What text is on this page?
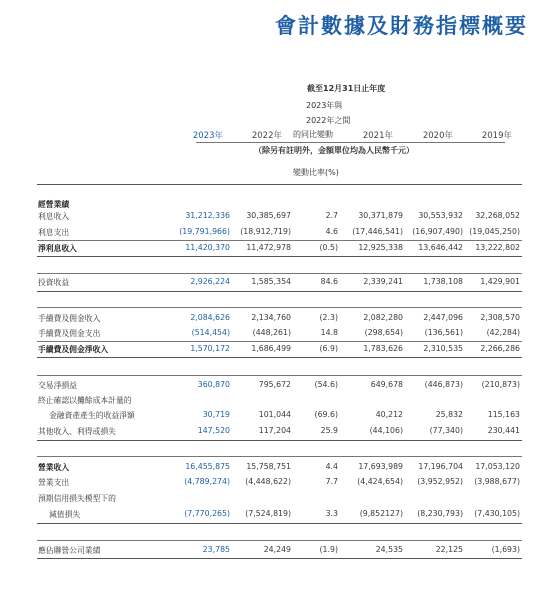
會計數據及財務指標概要
截至12月31日止年度
2023年與
2022年之間
的同比變動
（除另有註明外，金額單位均為人民幣千元）
變動比率(%)
2023年	2022年	2021年	2020年	2019年
經營業績
利息收入	31,212,336	30,385,697	2.7	30,371,879	30,553,932	32,268,052
利息支出	(19,791,966)	(18,912,719)	4.6	(17,446,541)	(16,907,490) (19,045,250)
淨利息收入	11,420,370	11,472,978	(0.5)	12,925,338	13,646,442	13,222,802
投資收益	2,926,224	1,585,354	84.6	2,339,241	1,738,108	1,429,901
手續費及佣金收入	2,084,626	2,134,760	(2.3)	2,082,280	2,447,096	2,308,570
手續費及佣金支出	(514,454)	(448,261)	14.8	(298,654)	(136,561)	(42,284)
手續費及佣金淨收入	1,570,172	1,686,499	(6.9)	1,783,626	2,310,535	2,266,286
交易淨損益	360,870	795,672	(54.6)	649,678	(446,873)	(210,873)
終止確認以攤餘成本計量的
金融資產產生的收益淨額	30,719	101,044	(69.6)	40,212	25,832	115,163
其他收入、利得或損失	147,520	117,204	25.9	(44,106)	(77,340)	230,441
營業收入	16,455,875	15,758,751	4.4	17,693,989	17,196,704	17,053,120
營業支出	(4,789,274)	(4,448,622)	7.7	(4,424,654)	(3,952,952)	(3,988,677)
預期信用損失模型下的
減值損失	(7,770,265)	(7,524,819)	3.3	(9,852127)	(8,230,793)	(7,430,105)
應佔聯營公司業績	23,785	24,249	(1.9)	24,535	22,125	(1,693)
